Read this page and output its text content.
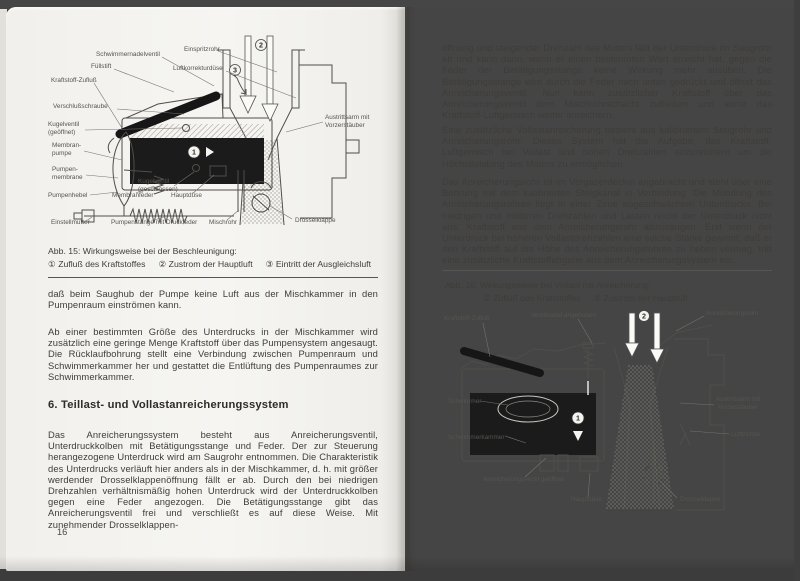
1
2
3
Schwimmernadelventil
Einspritzrohr
Füllstift	Luftkorrekturdüse
Kraftstoff-Zufluß
Verschlußschraube
Kugelventil
(geöffnet)
Membran-
pumpe
Pumpen-
membrane
Pumpenhebel
Einstellmutter
Membranfeder
Kugelventil
(geschlossen)
Hauptdüse
Pumpenstange mit Druckfeder Mischrohr
Austrittsarm mit
Vorzerstäuber
Drosselklappe
Abb. 15: Wirkungsweise bei der Beschleunigung:
① Zufluß des Kraftstoffes ② Zustrom der Hauptluft ③ Eintritt der Ausgleichsluft
daß beim Saughub der Pumpe keine Luft aus der Mischkammer in den Pumpenraum einströmen kann.
Ab einer bestimmten Größe des Unterdrucks in der Mischkammer wird zusätzlich eine geringe Menge Kraftstoff über das Pumpensystem angesaugt. Die Rücklaufbohrung stellt eine Verbindung zwischen Pumpenraum und Schwimmerkammer her und gestattet die Entlüftung des Pumpenraumes zur Schwimmerkammer.
6. Teillast- und Vollastanreicherungssystem
Das Anreicherungssystem besteht aus Anreicherungsventil, Unterdruckkolben mit Betätigungsstange und Feder. Der zur Steuerung herangezogene Unterdruck wird am Saugrohr entnommen. Die Charakteristik des Unterdrucks verläuft hier anders als in der Mischkammer, d. h. mit größer werdender Drosselklappenöffnung fällt er ab. Durch den bei niedrigen Drehzahlen verhältnismäßig hohen Unterdruck wird der Unterdruckkolben gegen eine Feder angezogen. Die Betätigungsstange gibt das Anreicherungsventil frei und verschließt es auf diese Weise. Mit zunehmender Drosselklappen-
16
öffnung und steigender Drehzahl des Motors fällt der Unterdruck im Saugrohr ab und kann dann, wenn er einen bestimmten Wert erreicht hat, gegen die Feder der Betätigungsstange keine Wirkung mehr ausüben. Die Betätigungsstange wird durch die Feder nach unten gedrückt und öffnet das Anreicherungsventil. Nun kann zusätzlicher Kraftstoff über das Anreicherungsventil dem Mischrohrschacht zufließen und somit das Kraftstoff-Luftgemisch weiter anreichern.
Eine zusätzliche Vollastanreicherung besteht aus kalibriertem Steigrohr und Anreicherungsrohr. Dieses System hat die Aufgabe, das Kraftstoff-Luftgemisch bei Vollast und hohen Drehzahlen anzureichern um die Höchstleistung des Motors zu ermöglichen.
Das Anreicherungsrohr ist im Vergaserdeckel angebracht und steht über eine Bohrung mit dem kalibrierten Steigkanal in Verbindung. Die Mündung des Anreicherungsrohres liegt in einer Zone abgeschwächten Unterdrucks. Bei niedrigen und mittleren Drehzahlen und Lasten reicht der Unterdruck nicht aus, Kraftstoff aus dem Anreicherungsrohr abzusaugen. Erst wenn der Unterdruck bei höheren Vollastdrehzahlen eine solche Stärke gewinnt, daß er den Kraftstoff auf die Höhe des Anreicherungsrohres zu heben vermag, tritt eine zusätzliche Kraftstoffabgabe aus dem Anreicherungssystem ein.
Abb. 16: Wirkungsweise bei Vollast mit Anreicherung:
① Zufluß des Kraftstoffes ② Zustrom der Hauptluft
17
2
1
Kraftstoff-Zufluß	Ventilnadel angehoben	Anreicherungsrohr
Schwimmer
Schwimmerkammer
Anreicherungsventil geöffnet
Hauptdüse
Austrittsarm mit
Vorzerstäuber
Lufttrichter
Drosselklappe
